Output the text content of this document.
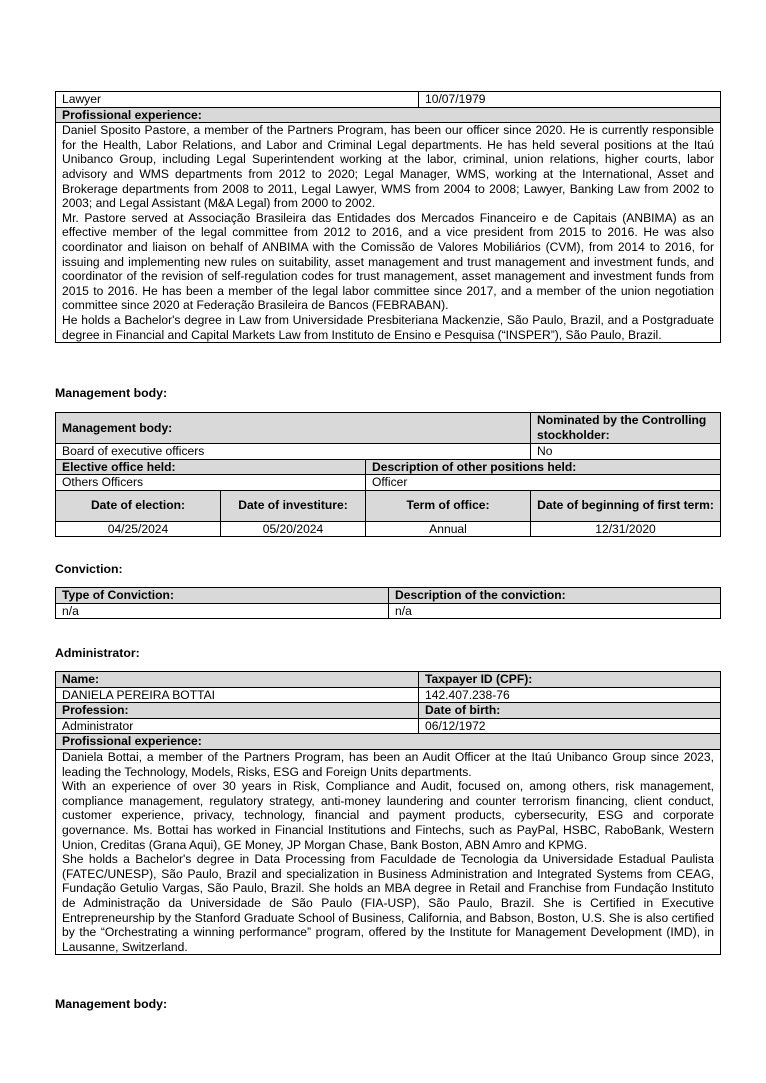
Lawyer	10/07/1979
Profissional experience:

Daniel Sposito Pastore, a member of the Partners Program, has been our officer since 2020. He is currently responsible for the Health, Labor Relations, and Labor and Criminal Legal departments. He has held several positions at the Itaú Unibanco Group, including Legal Superintendent working at the labor, criminal, union relations, higher courts, labor advisory and WMS departments from 2012 to 2020; Legal Manager, WMS, working at the International, Asset and Brokerage departments from 2008 to 2011, Legal Lawyer, WMS from 2004 to 2008; Lawyer, Banking Law from 2002 to 2003; and Legal Assistant (M&A Legal) from 2000 to 2002.

Mr. Pastore served at Associação Brasileira das Entidades dos Mercados Financeiro e de Capitais (ANBIMA) as an effective member of the legal committee from 2012 to 2016, and a vice president from 2015 to 2016. He was also coordinator and liaison on behalf of ANBIMA with the Comissão de Valores Mobiliários (CVM), from 2014 to 2016, for issuing and implementing new rules on suitability, asset management and trust management and investment funds, and coordinator of the revision of self-regulation codes for trust management, asset management and investment funds from 2015 to 2016. He has been a member of the legal labor committee since 2017, and a member of the union negotiation committee since 2020 at Federação Brasileira de Bancos (FEBRABAN).

He holds a Bachelor's degree in Law from Universidade Presbiteriana Mackenzie, São Paulo, Brazil, and a Postgraduate degree in Financial and Capital Markets Law from Instituto de Ensino e Pesquisa (“INSPER”), São Paulo, Brazil.

Management body:
Management body:			Nominated by the Controlling stockholder:
Board of executive officers			No
Elective office held:		Description of other positions held:	
Others Officers		Officer	
Date of election:	Date of investiture:	Term of office:	Date of beginning of first term:
04/25/2024	05/20/2024	Annual	12/31/2020
Conviction:
Type of Conviction:	Description of the conviction:
n/a	n/a
Administrator:
Name:	Taxpayer ID (CPF):
DANIELA PEREIRA BOTTAI	142.407.238-76
Profession:	Date of birth:
Administrator	06/12/1972
Profissional experience:	

Daniela Bottai, a member of the Partners Program, has been an Audit Officer at the Itaú Unibanco Group since 2023, leading the Technology, Models, Risks, ESG and Foreign Units departments.

With an experience of over 30 years in Risk, Compliance and Audit, focused on, among others, risk management, compliance management, regulatory strategy, anti-money laundering and counter terrorism financing, client conduct, customer experience, privacy, technology, financial and payment products, cybersecurity, ESG and corporate governance. Ms. Bottai has worked in Financial Institutions and Fintechs, such as PayPal, HSBC, RaboBank, Western Union, Creditas (Grana Aqui), GE Money, JP Morgan Chase, Bank Boston, ABN Amro and KPMG.

She holds a Bachelor's degree in Data Processing from Faculdade de Tecnologia da Universidade Estadual Paulista (FATEC/UNESP), São Paulo, Brazil and specialization in Business Administration and Integrated Systems from CEAG, Fundação Getulio Vargas, São Paulo, Brazil. She holds an MBA degree in Retail and Franchise from Fundação Instituto de Administração da Universidade de São Paulo (FIA-USP), São Paulo, Brazil. She is Certified in Executive Entrepreneurship by the Stanford Graduate School of Business, California, and Babson, Boston, U.S. She is also certified by the “Orchestrating a winning performance” program, offered by the Institute for Management Development (IMD), in Lausanne, Switzerland.	

Management body:
